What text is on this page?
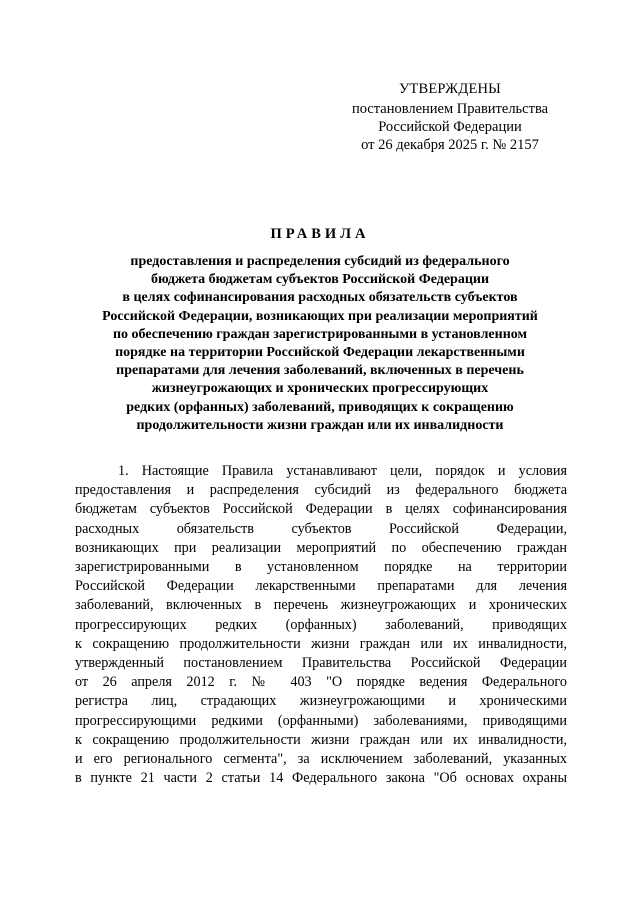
УТВЕРЖДЕНЫ
постановлением Правительства
Российской Федерации
от 26 декабря 2025 г. № 2157
ПРАВИЛА
предоставления и распределения субсидий из федерального
бюджета бюджетам субъектов Российской Федерации
в целях софинансирования расходных обязательств субъектов
Российской Федерации, возникающих при реализации мероприятий
по обеспечению граждан зарегистрированными в установленном
порядке на территории Российской Федерации лекарственными
препаратами для лечения заболеваний, включенных в перечень
жизнеугрожающих и хронических прогрессирующих
редких (орфанных) заболеваний, приводящих к сокращению
продолжительности жизни граждан или их инвалидности
1. Настоящие Правила устанавливают цели, порядок и условия
предоставления и распределения субсидий из федерального бюджета
бюджетам субъектов Российской Федерации в целях софинансирования
расходных обязательств субъектов Российской Федерации,
возникающих при реализации мероприятий по обеспечению граждан
зарегистрированными в установленном порядке на территории
Российской Федерации лекарственными препаратами для лечения
заболеваний, включенных в перечень жизнеугрожающих и хронических
прогрессирующих редких (орфанных) заболеваний, приводящих
к сокращению продолжительности жизни граждан или их инвалидности,
утвержденный постановлением Правительства Российской Федерации
от 26 апреля 2012 г. № 403 "О порядке ведения Федерального
регистра лиц, страдающих жизнеугрожающими и хроническими
прогрессирующими редкими (орфанными) заболеваниями, приводящими
к сокращению продолжительности жизни граждан или их инвалидности,
и его регионального сегмента", за исключением заболеваний, указанных
в пункте 21 части 2 статьи 14 Федерального закона "Об основах охраны
